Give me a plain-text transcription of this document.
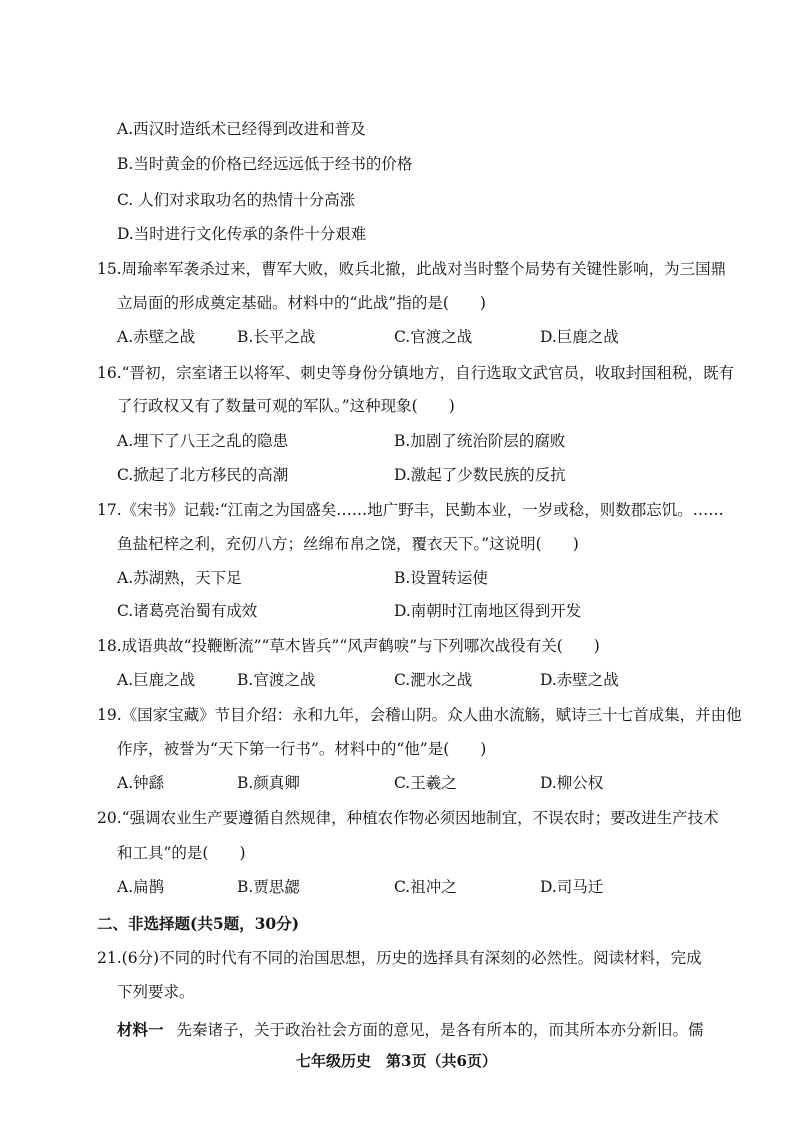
A.西汉时造纸术已经得到改进和普及
B.当时黄金的价格已经远远低于经书的价格
C. 人们对求取功名的热情十分高涨
D.当时进行文化传承的条件十分艰难
15.周瑜率军袭杀过来，曹军大败，败兵北撤，此战对当时整个局势有关键性影响，为三国鼎
立局面的形成奠定基础。材料中的“此战”指的是(　　)
A.赤壁之战	B.长平之战	C.官渡之战	D.巨鹿之战
16.“晋初，宗室诸王以将军、刺史等身份分镇地方，自行选取文武官员，收取封国租税，既有
了行政权又有了数量可观的军队。”这种现象(　　)
A.埋下了八王之乱的隐患	B.加剧了统治阶层的腐败
C.掀起了北方移民的高潮	D.激起了少数民族的反抗
17.《宋书》记载:“江南之为国盛矣……地广野丰，民勤本业，一岁或稔，则数郡忘饥。……
鱼盐杞梓之利，充仞八方；丝绵布帛之饶，覆衣天下。”这说明(　　)
A.苏湖熟，天下足	B.设置转运使
C.诸葛亮治蜀有成效	D.南朝时江南地区得到开发
18.成语典故“投鞭断流”“草木皆兵”“风声鹤唳”与下列哪次战役有关(　　)
A.巨鹿之战	B.官渡之战	C.淝水之战	D.赤壁之战
19.《国家宝藏》节目介绍：永和九年，会稽山阴。众人曲水流觞，赋诗三十七首成集，并由他
作序，被誉为“天下第一行书”。材料中的“他”是(　　)
A.钟繇	B.颜真卿	C.王羲之	D.柳公权
20.“强调农业生产要遵循自然规律，种植农作物必须因地制宜，不误农时；要改进生产技术
和工具”的是(　　)
A.扁鹊	B.贾思勰	C.祖冲之	D.司马迁
二、非选择题(共5题，30分)
21.(6分)不同的时代有不同的治国思想，历史的选择具有深刻的必然性。阅读材料，完成
下列要求。
材料一 先秦诸子，关于政治社会方面的意见，是各有所本的，而其所本亦分新旧。儒
七年级历史　第3页（共6页）
